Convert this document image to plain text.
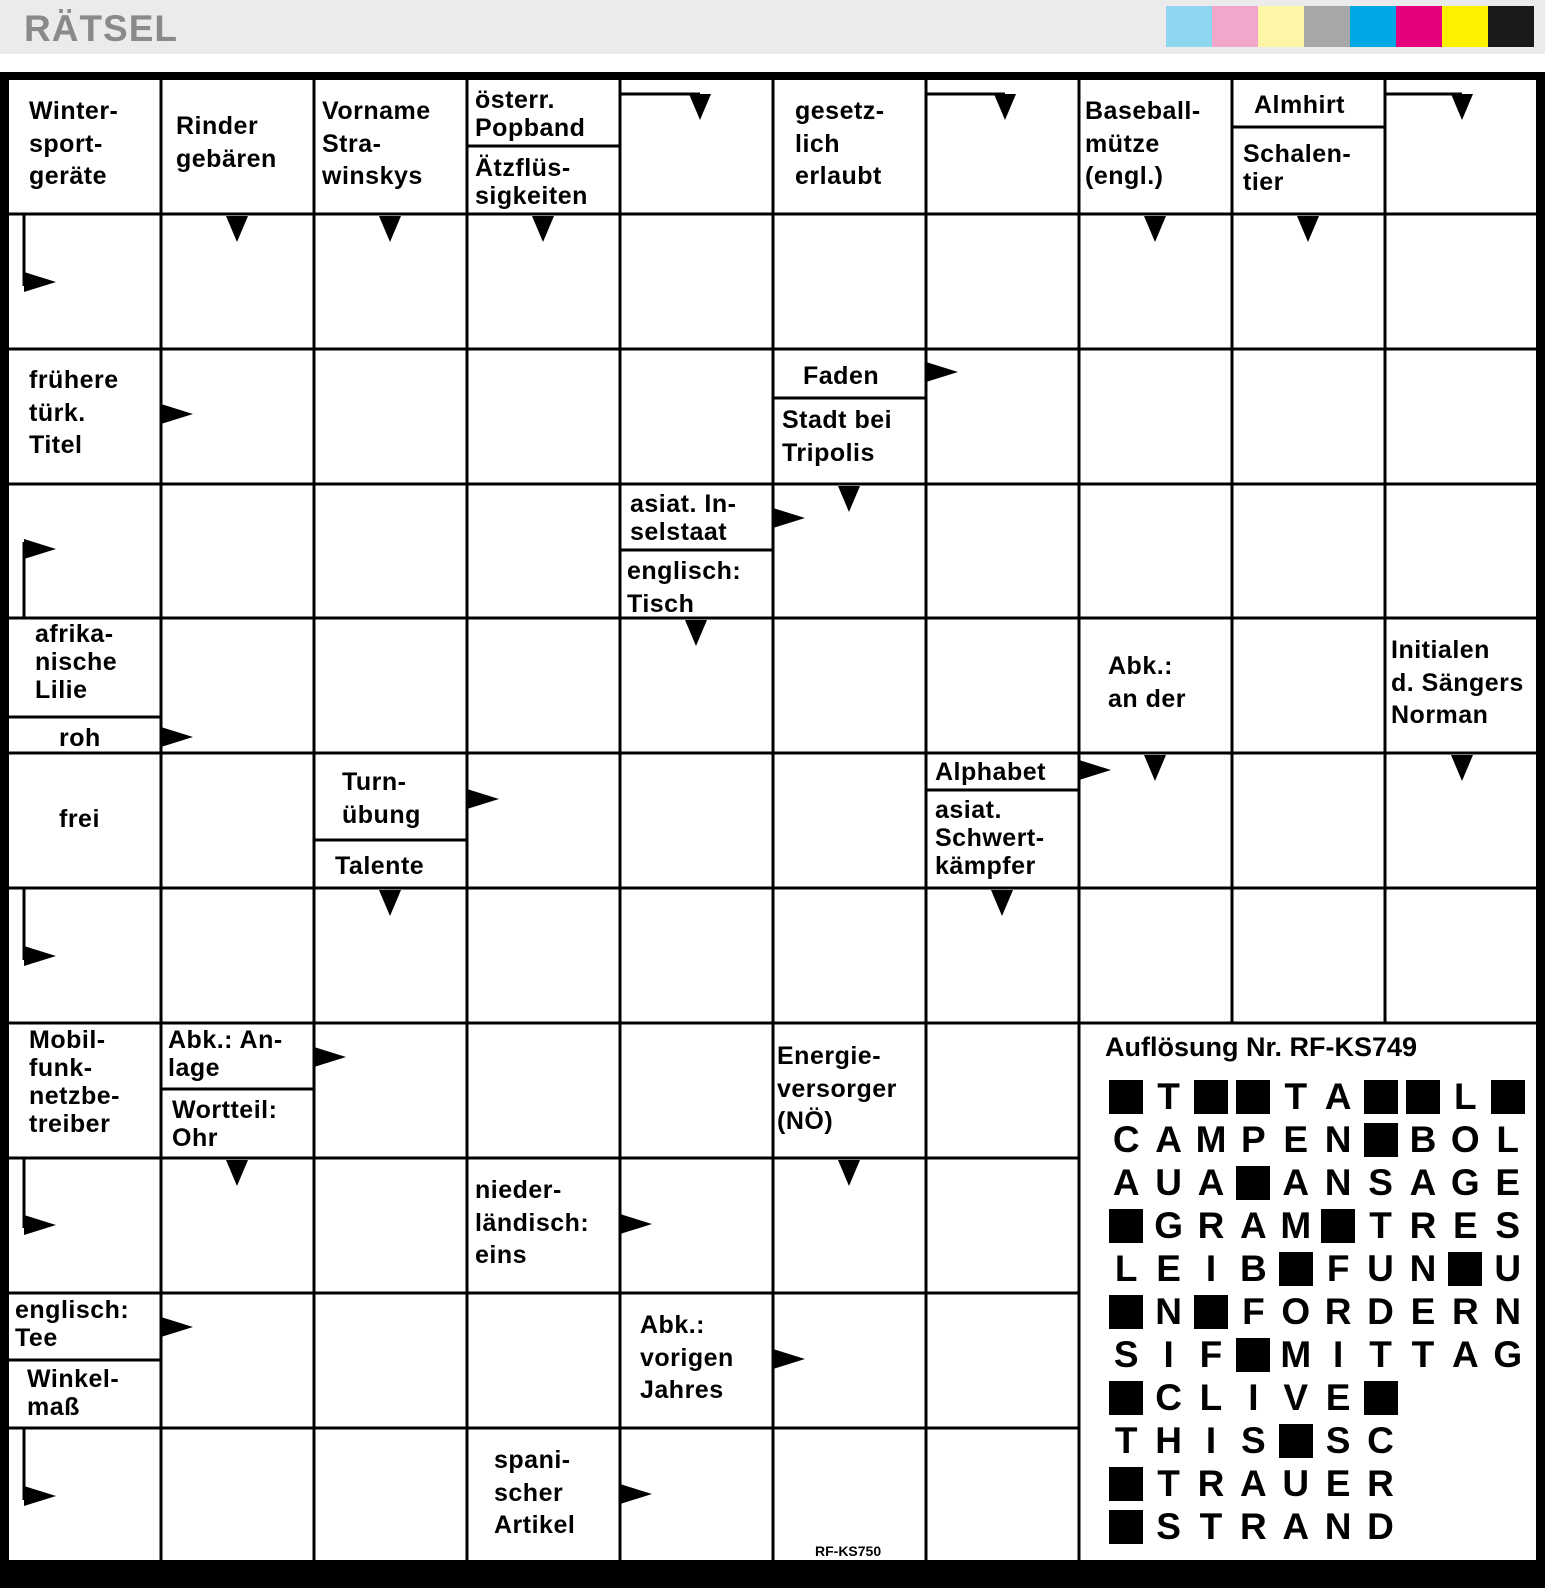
RÄTSEL
Winter-
sport-
geräte
Rinder
gebären
Vorname
Stra-
winskys
österr.
Popband
Ätzflüs-
sigkeiten
gesetz-
lich
erlaubt
Baseball-
mütze
(engl.)
Almhirt
Schalen-
tier
frühere
türk.
Titel
Faden
Stadt bei
Tripolis
asiat. In-
selstaat
englisch:
Tisch
afrika-
nische
Lilie
roh
Abk.:
an der
Initialen
d. Sängers
Norman
frei
Turn-
übung
Talente
Alphabet
asiat.
Schwert-
kämpfer
Mobil-
funk-
netzbe-
treiber
Abk.: An-
lage
Wortteil:
Ohr
Energie-
versorger
(NÖ)
nieder-
ländisch:
eins
englisch:
Tee
Winkel-
maß
Abk.:
vorigen
Jahres
spani-
scher
Artikel
Auflösung Nr. RF-KS749
T	T A	L
C A M P E N B O L
A U A A N S A G E
G R A M T R E S
L E I B F U N U
N F O R D E R N
S I F M I T T A G
C L I V E
T H I S S C
T R A U E R
S T R A N D
RF-KS750
